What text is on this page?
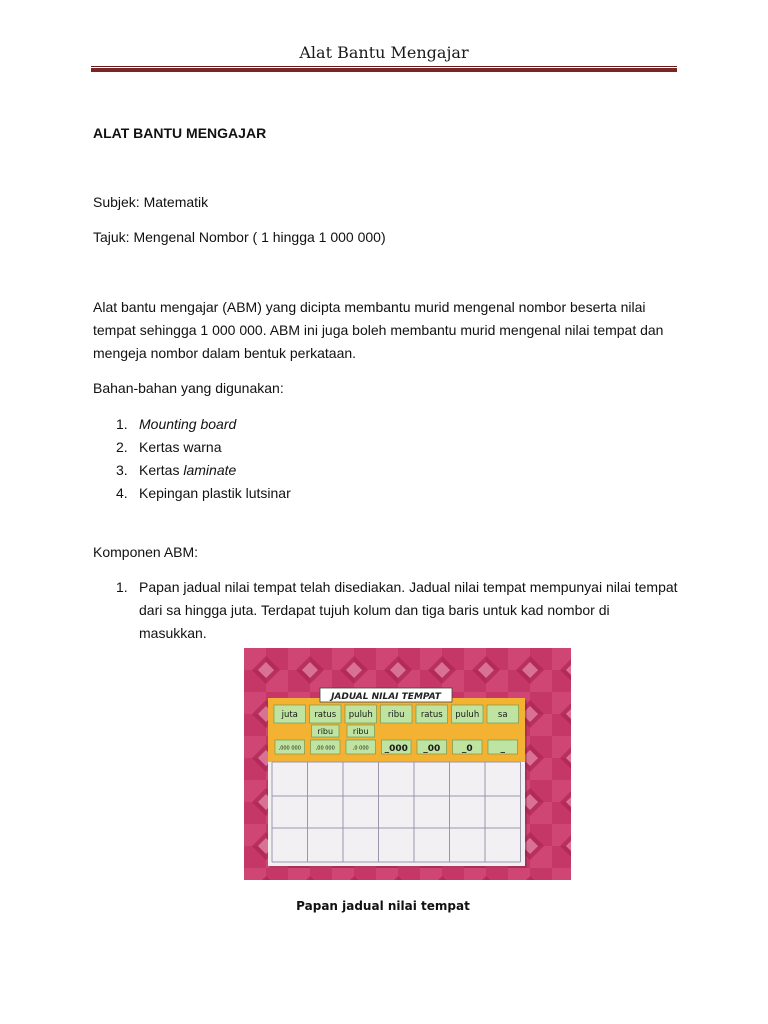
Alat Bantu Mengajar
ALAT BANTU MENGAJAR
Subjek: Matematik
Tajuk: Mengenal Nombor ( 1 hingga 1 000 000)
Alat bantu mengajar (ABM) yang dicipta membantu murid mengenal nombor beserta nilai tempat sehingga 1 000 000. ABM ini juga boleh membantu murid mengenal nilai tempat dan mengeja nombor dalam bentuk perkataan.
Bahan-bahan yang digunakan:
1. Mounting board
2. Kertas warna
3. Kertas laminate
4. Kepingan plastik lutsinar
Komponen ABM:
1. Papan jadual nilai tempat telah disediakan. Jadual nilai tempat mempunyai nilai tempat dari sa hingga juta. Terdapat tujuh kolum dan tiga baris untuk kad nombor di masukkan.
juta
,000 000
ratus
ribu
,00 000
puluh
ribu
,0 000
ribu
_000
ratus
_00
puluh
_0
sa
_
JADUAL NILAI TEMPAT
Papan jadual nilai tempat
